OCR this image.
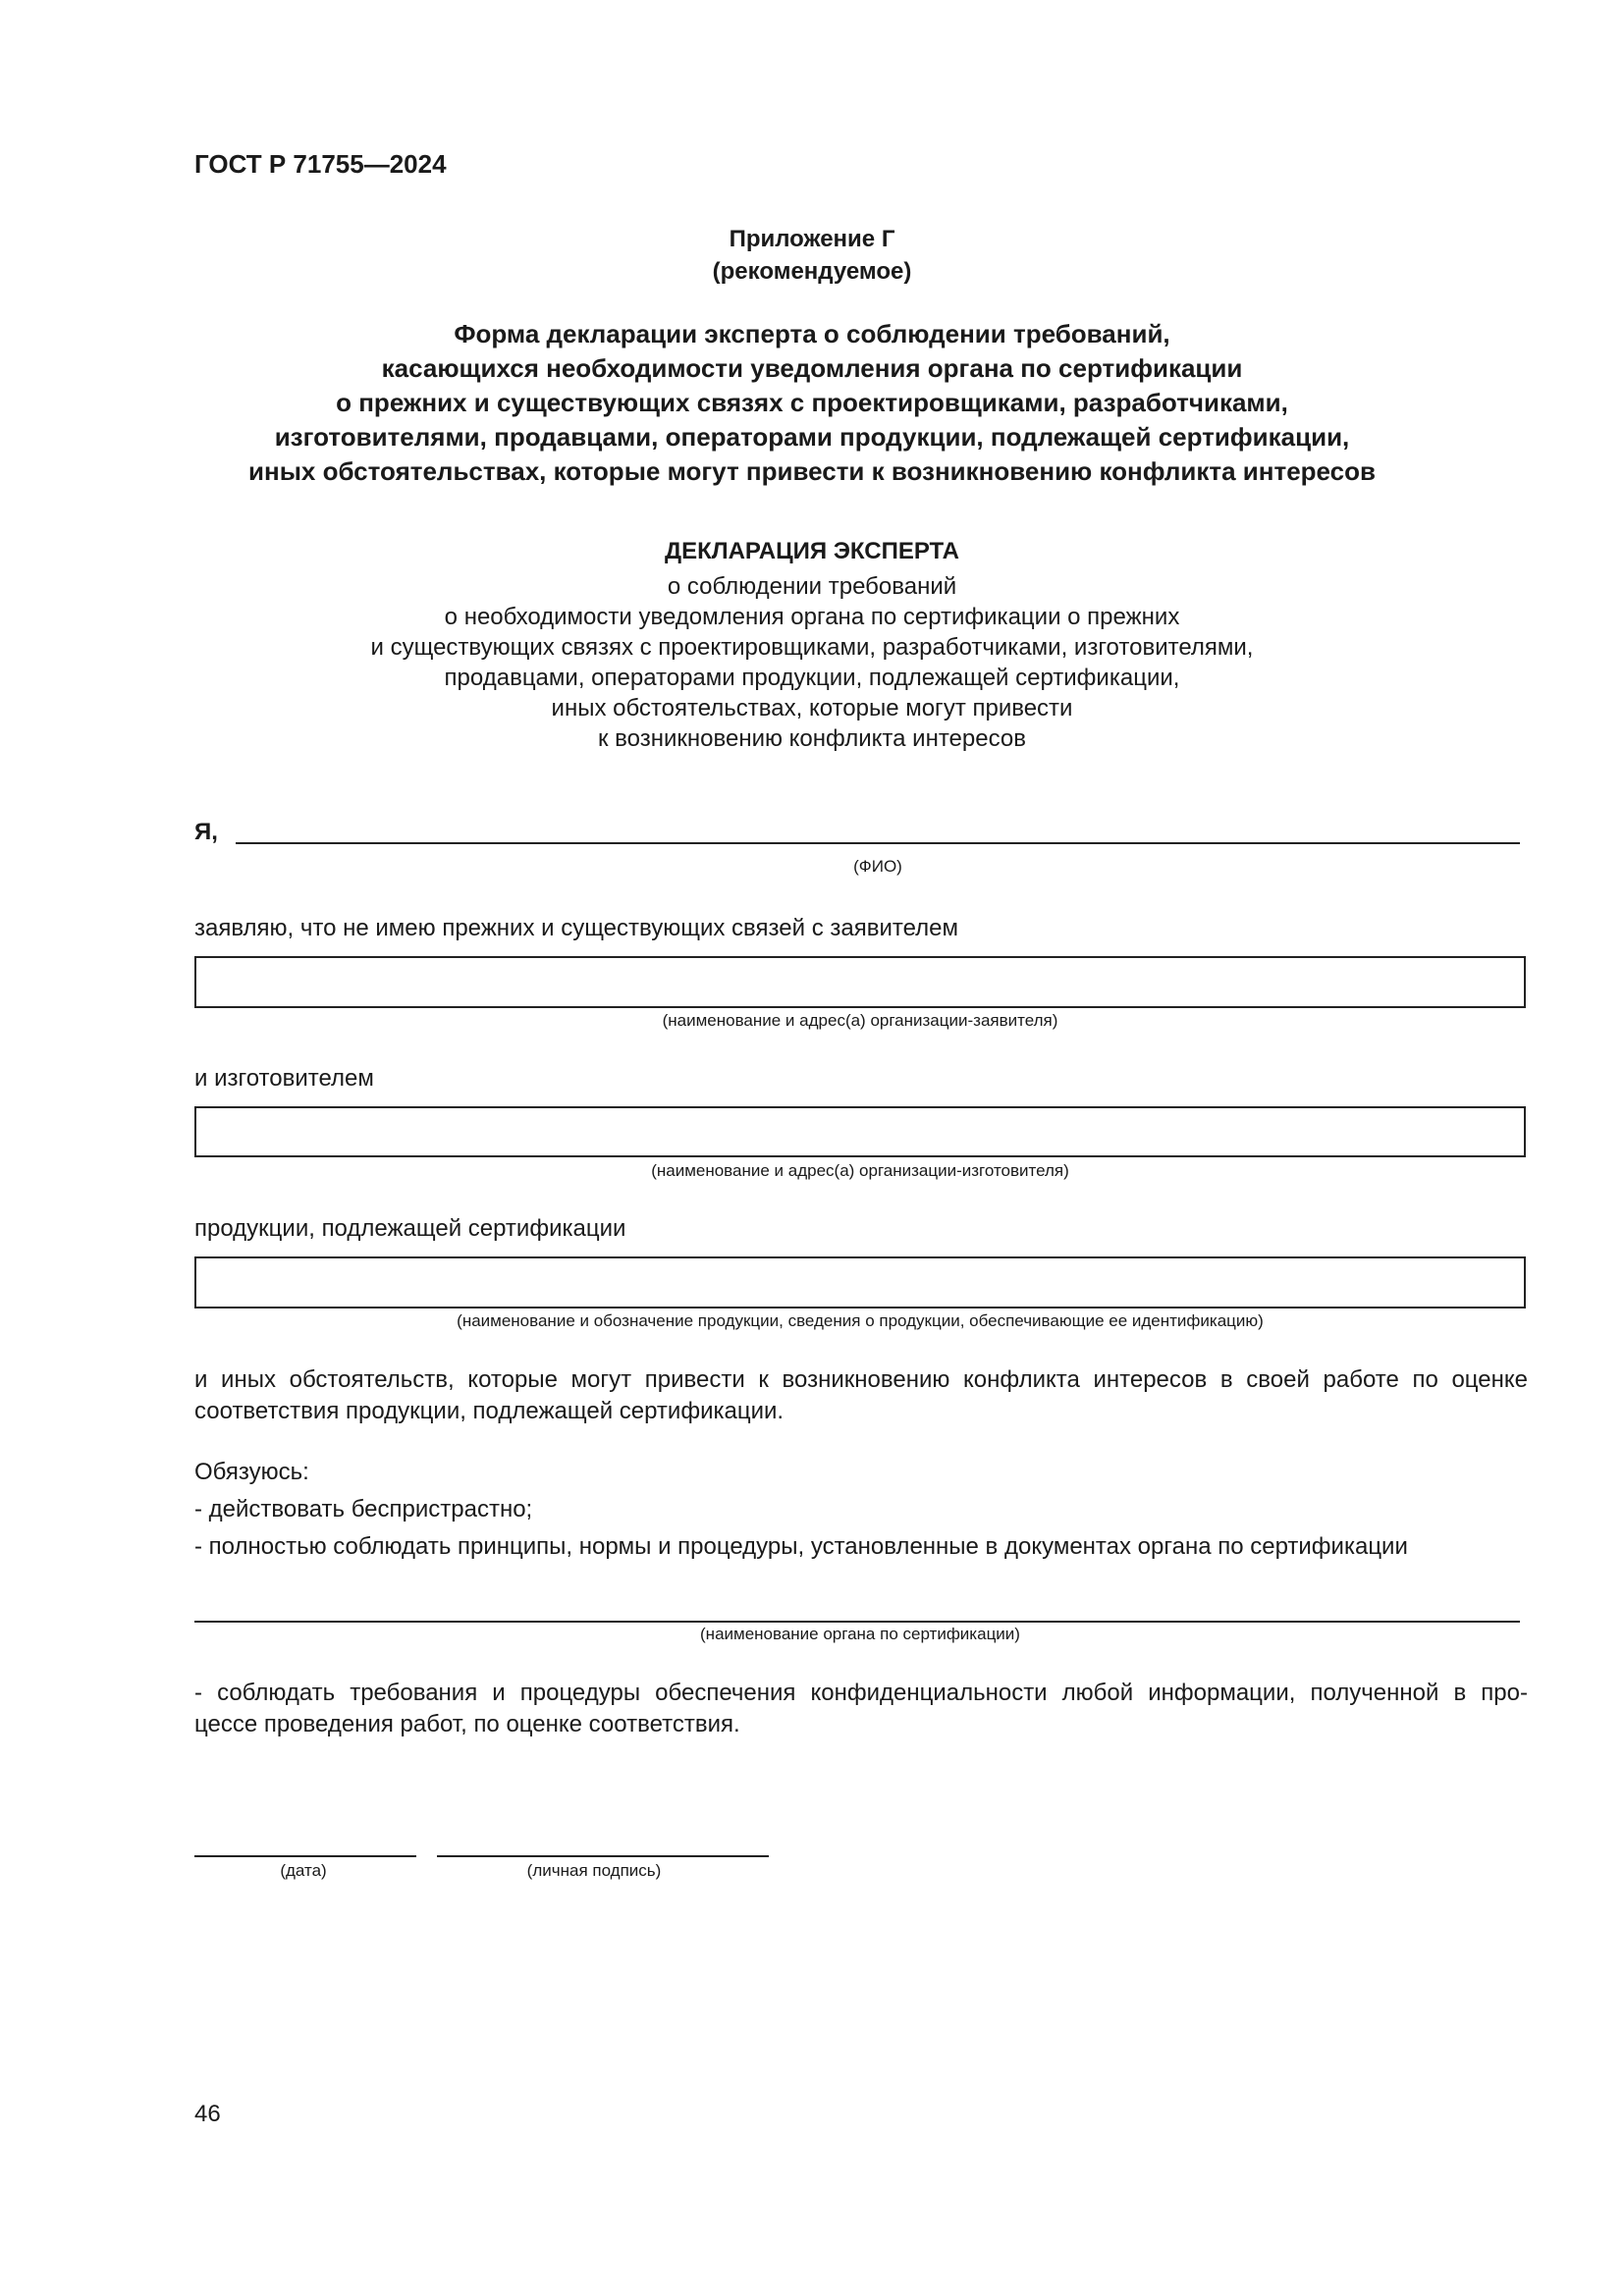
ГОСТ Р 71755—2024
Приложение Г
(рекомендуемое)
Форма декларации эксперта о соблюдении требований,
касающихся необходимости уведомления органа по сертификации
о прежних и существующих связях с проектировщиками, разработчиками,
изготовителями, продавцами, операторами продукции, подлежащей сертификации,
иных обстоятельствах, которые могут привести к возникновению конфликта интересов
ДЕКЛАРАЦИЯ ЭКСПЕРТА
о соблюдении требований
о необходимости уведомления органа по сертификации о прежних
и существующих связях с проектировщиками, разработчиками, изготовителями,
продавцами, операторами продукции, подлежащей сертификации,
иных обстоятельствах, которые могут привести
к возникновению конфликта интересов
Я,
(ФИО)
заявляю, что не имею прежних и существующих связей с заявителем
(наименование и адрес(а) организации-заявителя)
и изготовителем
(наименование и адрес(а) организации-изготовителя)
продукции, подлежащей сертификации
(наименование и обозначение продукции, сведения о продукции, обеспечивающие ее идентификацию)
и иных обстоятельств, которые могут привести к возникновению конфликта интересов в своей работе по оценке
соответствия продукции, подлежащей сертификации.
Обязуюсь:
- действовать беспристрастно;
- полностью соблюдать принципы, нормы и процедуры, установленные в документах органа по сертификации
(наименование органа по сертификации)
- соблюдать требования и процедуры обеспечения конфиденциальности любой информации, полученной в про-
цессе проведения работ, по оценке соответствия.
(дата)	(личная подпись)
46
